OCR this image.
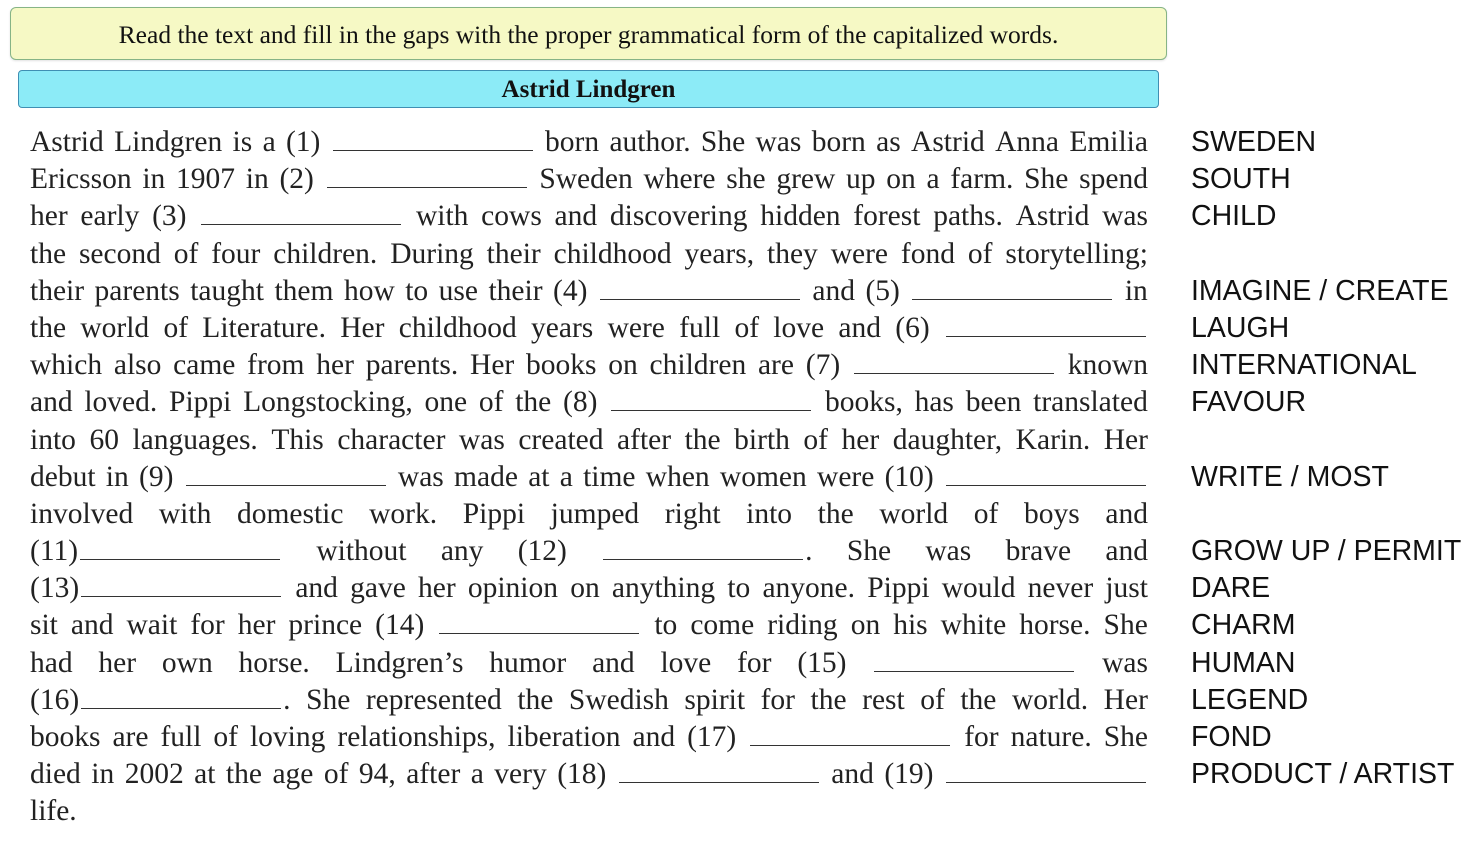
Read the text and fill in the gaps with the proper grammatical form of the capitalized words.
Astrid Lindgren
Astrid Lindgren is a (1)	born author. She was born as Astrid Anna Emilia
Ericsson in 1907 in (2)	Sweden where she grew up on a farm. She spend
her early (3)	with cows and discovering hidden forest paths. Astrid was
the second of four children. During their childhood years, they were fond of storytelling;
their parents taught them how to use their (4)	and (5)	in
the world of Literature. Her childhood years were full of love and (6)
which also came from her parents. Her books on children are (7)	known
and loved. Pippi Longstocking, one of the (8)	books, has been translated
into 60 languages. This character was created after the birth of her daughter, Karin. Her
debut in (9)	was made at a time when women were (10)
involved with domestic work. Pippi jumped right into the world of boys and
(11)	without any (12)	. She was brave and
(13)	and gave her opinion on anything to anyone. Pippi would never just
sit and wait for her prince (14)	to come riding on his white horse. She
had her own horse. Lindgren’s humor and love for (15)	was
(16)	. She represented the Swedish spirit for the rest of the world. Her
books are full of loving relationships, liberation and (17)	for nature. She
died in 2002 at the age of 94, after a very (18)	and (19)
life.
SWEDEN
SOUTH
CHILD
IMAGINE / CREATE
LAUGH
INTERNATIONAL
FAVOUR
WRITE / MOST
GROW UP / PERMIT
DARE
CHARM
HUMAN
LEGEND
FOND
PRODUCT / ARTIST
